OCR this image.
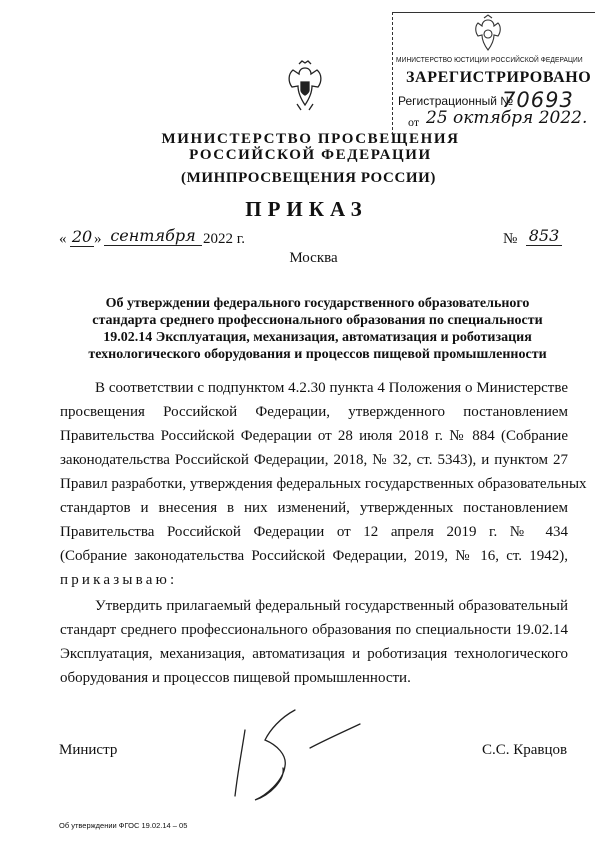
МИНИСТЕРСТВО ЮСТИЦИИ РОССИЙСКОЙ ФЕДЕРАЦИИ
ЗАРЕГИСТРИРОВАНО
Регистрационный №
70693
от 25 октября 2022.
МИНИСТЕРСТВО ПРОСВЕЩЕНИЯ
РОССИЙСКОЙ ФЕДЕРАЦИИ
(МИНПРОСВЕЩЕНИЯ РОССИИ)
ПРИКАЗ
« 20 » сентября 2022 г.	№ 853
Москва
Об утверждении федерального государственного образовательного
стандарта среднего профессионального образования по специальности
19.02.14 Эксплуатация, механизация, автоматизация и роботизация
технологического оборудования и процессов пищевой промышленности
В соответствии с подпунктом 4.2.30 пункта 4 Положения о Министерстве
просвещения Российской Федерации, утвержденного постановлением
Правительства Российской Федерации от 28 июля 2018 г. № 884 (Собрание
законодательства Российской Федерации, 2018, № 32, ст. 5343), и пунктом 27
Правил разработки, утверждения федеральных государственных образовательных
стандартов и внесения в них изменений, утвержденных постановлением
Правительства Российской Федерации от 12 апреля 2019 г. № 434
(Собрание законодательства Российской Федерации, 2019, № 16, ст. 1942),
приказываю:
Утвердить прилагаемый федеральный государственный образовательный
стандарт среднего профессионального образования по специальности 19.02.14
Эксплуатация, механизация, автоматизация и роботизация технологического
оборудования и процессов пищевой промышленности.
Министр	С.С. Кравцов
Об утверждении ФГОС 19.02.14 – 05
